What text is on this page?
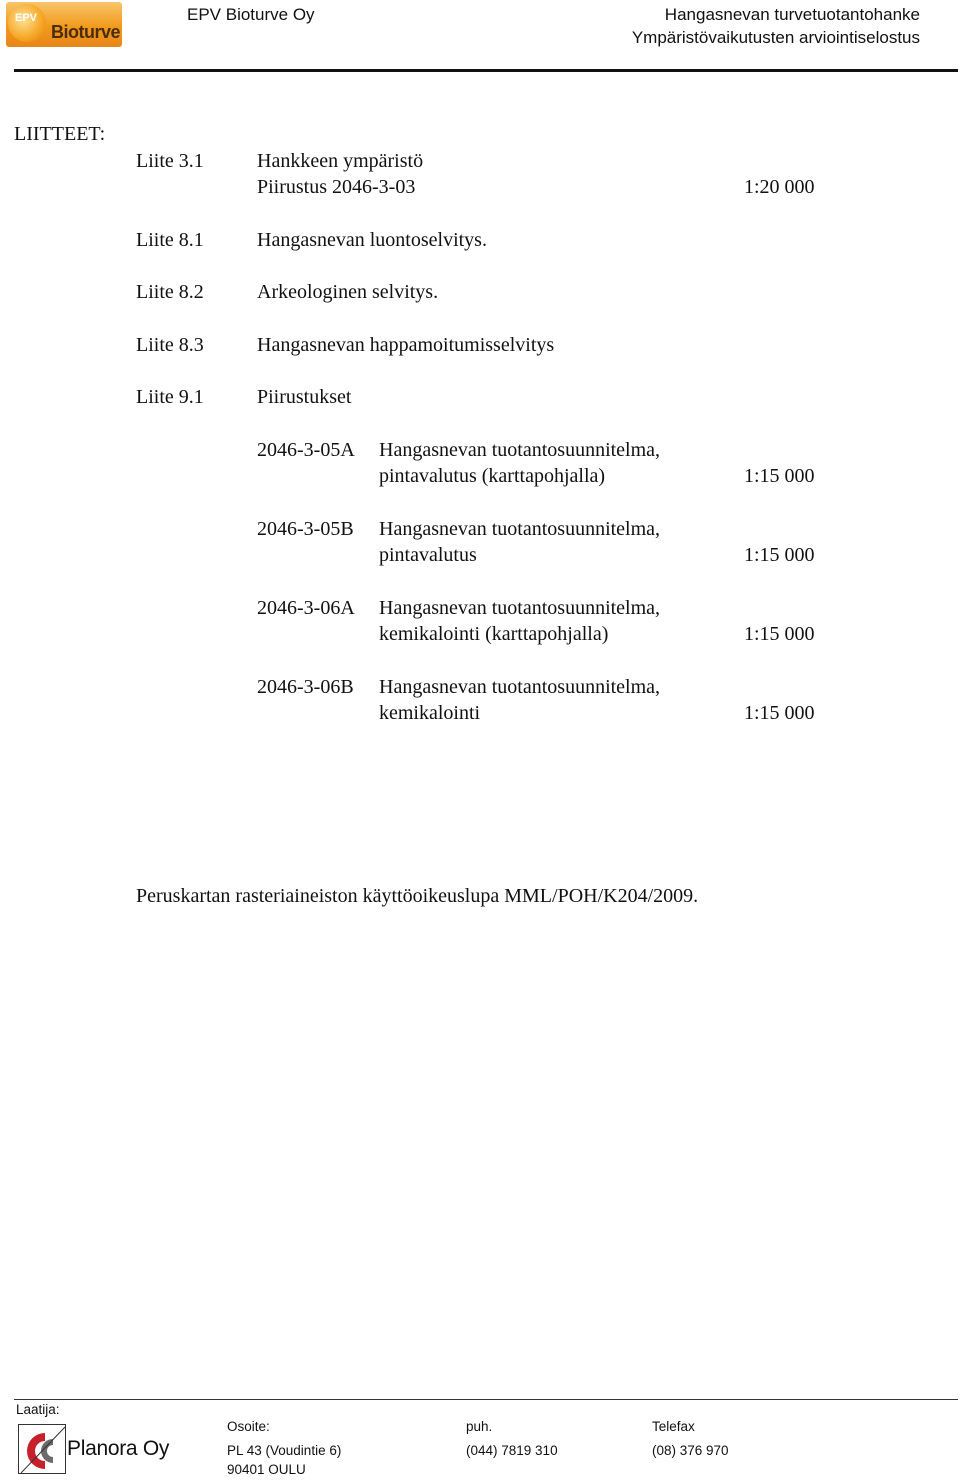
EPV
Bioturve
EPV Bioturve Oy	Hangasnevan turvetuotantohanke
Ympäristövaikutusten arviointiselostus
LIITTEET:
Liite 3.1	Hankkeen ympäristö
Piirustus 2046-3-03	1:20 000
Liite 8.1	Hangasnevan luontoselvitys.
Liite 8.2	Arkeologinen selvitys.
Liite 8.3	Hangasnevan happamoitumisselvitys
Liite 9.1	Piirustukset
2046-3-05A Hangasnevan tuotantosuunnitelma,
pintavalutus (karttapohjalla)	1:15 000
2046-3-05B Hangasnevan tuotantosuunnitelma,
pintavalutus	1:15 000
2046-3-06A Hangasnevan tuotantosuunnitelma,
kemikalointi (karttapohjalla)	1:15 000
2046-3-06B Hangasnevan tuotantosuunnitelma,
kemikalointi	1:15 000
Peruskartan rasteriaineiston käyttöoikeuslupa MML/POH/K204/2009.
Laatija:
Planora Oy
Osoite:
PL 43 (Voudintie 6)
90401 OULU
puh.
(044) 7819 310
Telefax
(08) 376 970
